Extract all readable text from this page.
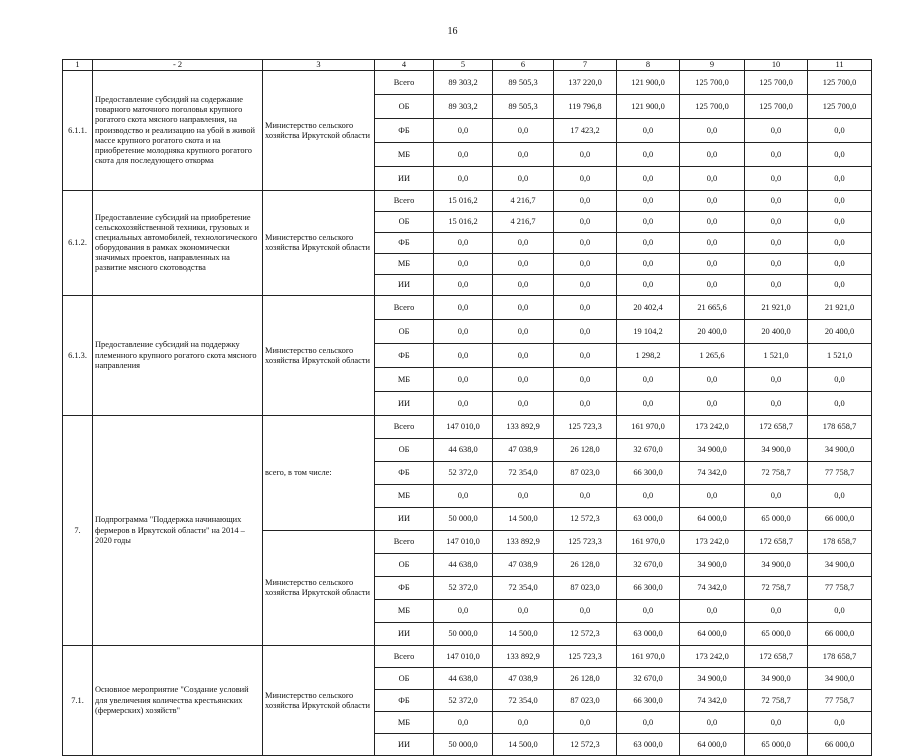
16
1	- 2	3	4	5	6	7	8	9	10	11
6.1.1.	Предоставление субсидий на содержание товарного маточного поголовья крупного рогатого скота мясного направления, на производство и реализацию на убой в живой массе крупного рогатого скота и на приобретение молодняка крупного рогатого скота для последующего откорма	Министерство сельского хозяйства Иркутской области	Всего	89 303,2	89 505,3	137 220,0	121 900,0	125 700,0	125 700,0	125 700,0
			ОБ	89 303,2	89 505,3	119 796,8	121 900,0	125 700,0	125 700,0	125 700,0
			ФБ	0,0	0,0	17 423,2	0,0	0,0	0,0	0,0
			МБ	0,0	0,0	0,0	0,0	0,0	0,0	0,0
			ИИ	0,0	0,0	0,0	0,0	0,0	0,0	0,0
6.1.2.	Предоставление субсидий на приобретение сельскохозяйственной техники, грузовых и специальных автомобилей, технологического оборудования в рамках экономически значимых проектов, направленных на развитие мясного скотоводства	Министерство сельского хозяйства Иркутской области	Всего	15 016,2	4 216,7	0,0	0,0	0,0	0,0	0,0
			ОБ	15 016,2	4 216,7	0,0	0,0	0,0	0,0	0,0
			ФБ	0,0	0,0	0,0	0,0	0,0	0,0	0,0
			МБ	0,0	0,0	0,0	0,0	0,0	0,0	0,0
			ИИ	0,0	0,0	0,0	0,0	0,0	0,0	0,0
6.1.3.	Предоставление субсидий на поддержку племенного крупного рогатого скота мясного направления	Министерство сельского хозяйства Иркутской области	Всего	0,0	0,0	0,0	20 402,4	21 665,6	21 921,0	21 921,0
			ОБ	0,0	0,0	0,0	19 104,2	20 400,0	20 400,0	20 400,0
			ФБ	0,0	0,0	0,0	1 298,2	1 265,6	1 521,0	1 521,0
			МБ	0,0	0,0	0,0	0,0	0,0	0,0	0,0
			ИИ	0,0	0,0	0,0	0,0	0,0	0,0	0,0
7.	Подпрограмма "Поддержка начинающих фермеров в Иркутской области" на 2014 – 2020 годы	всего, в том числе:	Всего	147 010,0	133 892,9	125 723,3	161 970,0	173 242,0	172 658,7	178 658,7
			ОБ	44 638,0	47 038,9	26 128,0	32 670,0	34 900,0	34 900,0	34 900,0
			ФБ	52 372,0	72 354,0	87 023,0	66 300,0	74 342,0	72 758,7	77 758,7
			МБ	0,0	0,0	0,0	0,0	0,0	0,0	0,0
			ИИ	50 000,0	14 500,0	12 572,3	63 000,0	64 000,0	65 000,0	66 000,0
		Министерство сельского хозяйства Иркутской области	Всего	147 010,0	133 892,9	125 723,3	161 970,0	173 242,0	172 658,7	178 658,7
			ОБ	44 638,0	47 038,9	26 128,0	32 670,0	34 900,0	34 900,0	34 900,0
			ФБ	52 372,0	72 354,0	87 023,0	66 300,0	74 342,0	72 758,7	77 758,7
			МБ	0,0	0,0	0,0	0,0	0,0	0,0	0,0
			ИИ	50 000,0	14 500,0	12 572,3	63 000,0	64 000,0	65 000,0	66 000,0
7.1.	Основное мероприятие "Создание условий для увеличения количества крестьянских (фермерских) хозяйств"	Министерство сельского хозяйства Иркутской области	Всего	147 010,0	133 892,9	125 723,3	161 970,0	173 242,0	172 658,7	178 658,7
			ОБ	44 638,0	47 038,9	26 128,0	32 670,0	34 900,0	34 900,0	34 900,0
			ФБ	52 372,0	72 354,0	87 023,0	66 300,0	74 342,0	72 758,7	77 758,7
			МБ	0,0	0,0	0,0	0,0	0,0	0,0	0,0
			ИИ	50 000,0	14 500,0	12 572,3	63 000,0	64 000,0	65 000,0	66 000,0
